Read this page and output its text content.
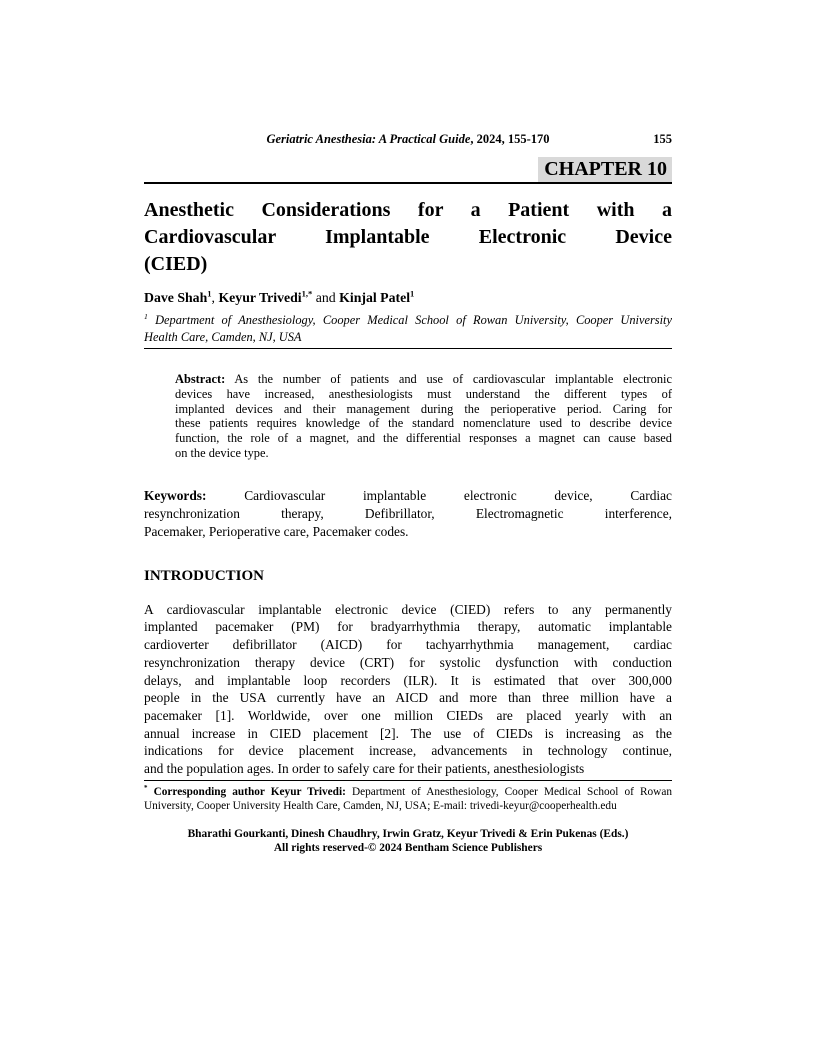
Geriatric Anesthesia: A Practical Guide, 2024, 155-170	155
CHAPTER 10
Anesthetic Considerations for a Patient with a
Cardiovascular Implantable Electronic Device
(CIED)
Dave Shah$^1$, Keyur Trivedi$^{1,*}$ and Kinjal Patel$^1$
$^1$ Department of Anesthesiology, Cooper Medical School of Rowan University, Cooper University
Health Care, Camden, NJ, USA
Abstract: As the number of patients and use of cardiovascular implantable electronic
devices have increased, anesthesiologists must understand the different types of
implanted devices and their management during the perioperative period. Caring for
these patients requires knowledge of the standard nomenclature used to describe device
function, the role of a magnet, and the differential responses a magnet can cause based
on the device type.
Keywords: Cardiovascular implantable electronic device, Cardiac
resynchronization therapy, Defibrillator, Electromagnetic interference,
Pacemaker, Perioperative care, Pacemaker codes.
INTRODUCTION
A cardiovascular implantable electronic device (CIED) refers to any permanently
implanted pacemaker (PM) for bradyarrhythmia therapy, automatic implantable
cardioverter defibrillator (AICD) for tachyarrhythmia management, cardiac
resynchronization therapy device (CRT) for systolic dysfunction with conduction
delays, and implantable loop recorders (ILR). It is estimated that over 300,000
people in the USA currently have an AICD and more than three million have a
pacemaker [1]. Worldwide, over one million CIEDs are placed yearly with an
annual increase in CIED placement [2]. The use of CIEDs is increasing as the
indications for device placement increase, advancements in technology continue,
and the population ages. In order to safely care for their patients, anesthesiologists
* Corresponding author Keyur Trivedi: Department of Anesthesiology, Cooper Medical School of Rowan
University, Cooper University Health Care, Camden, NJ, USA; E-mail: trivedi-keyur@cooperhealth.edu
Bharathi Gourkanti, Dinesh Chaudhry, Irwin Gratz, Keyur Trivedi & Erin Pukenas (Eds.)
All rights reserved-© 2024 Bentham Science Publishers
